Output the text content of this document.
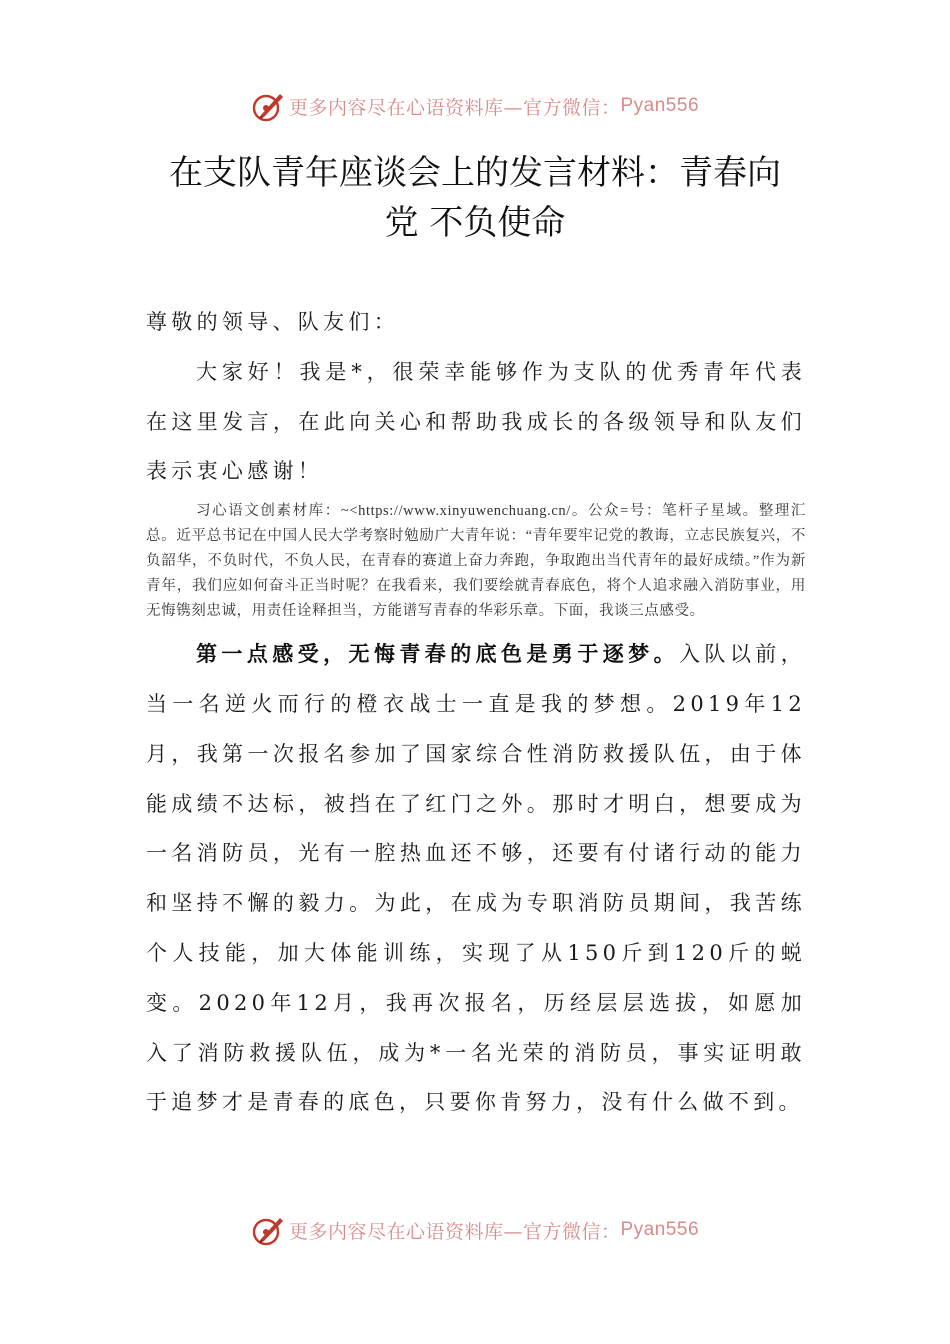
更多内容尽在心语资料库—官方微信： Pyan556
在支队青年座谈会上的发言材料：青春向
党 不负使命

尊敬的领导、队友们：

大家好！我是*，很荣幸能够作为支队的优秀青年代表在这里发言，在此向关心和帮助我成长的各级领导和队友们表示衷心感谢！

习心语文创素材库：~<https://www.xinyuwenchuang.cn/。公众=号：笔杆子星域。整理汇总。近平总书记在中国人民大学考察时勉励广大青年说：“青年要牢记党的教诲，立志民族复兴，不负韶华，不负时代，不负人民，在青春的赛道上奋力奔跑，争取跑出当代青年的最好成绩。”作为新青年，我们应如何奋斗正当时呢？在我看来，我们要绘就青春底色，将个人追求融入消防事业，用无悔镌刻忠诚，用责任诠释担当，方能谱写青春的华彩乐章。下面，我谈三点感受。

第一点感受，无悔青春的底色是勇于逐梦。入队以前，当一名逆火而行的橙衣战士一直是我的梦想。2019年12月，我第一次报名参加了国家综合性消防救援队伍，由于体能成绩不达标，被挡在了红门之外。那时才明白，想要成为一名消防员，光有一腔热血还不够，还要有付诸行动的能力和坚持不懈的毅力。为此，在成为专职消防员期间，我苦练个人技能，加大体能训练，实现了从150斤到120斤的蜕变。2020年12月，我再次报名，历经层层选拔，如愿加入了消防救援队伍，成为*一名光荣的消防员，事实证明敢于追梦才是青春的底色，只要你肯努力，没有什么做不到。

更多内容尽在心语资料库—官方微信： Pyan556
